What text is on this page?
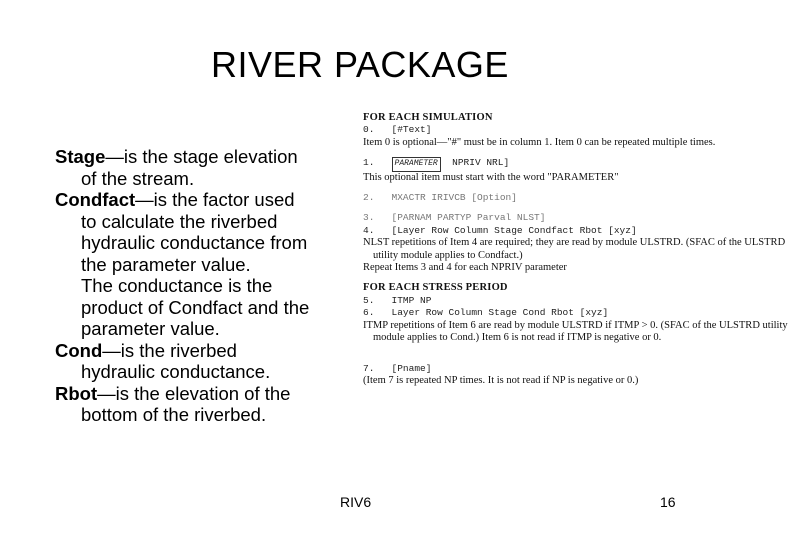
RIVER PACKAGE

Stage—is the stage elevation

of the stream.

Condfact—is the factor used

to calculate the riverbed

hydraulic conductance from

the parameter value.

The conductance is the

product of Condfact and the

parameter value.

Cond—is the riverbed

hydraulic conductance.

Rbot—is the elevation of the

bottom of the riverbed.

FOR EACH SIMULATION
0. [#Text]
Item 0 is optional—"#" must be in column 1. Item 0 can be repeated multiple times.
1.	PARAMETER NPRIV NRL]
This optional item must start with the word "PARAMETER"
2. MXACTR IRIVCB [Option]
3. [PARNAM PARTYP Parval NLST]
4. [Layer Row Column Stage Condfact Rbot [xyz]
NLST repetitions of Item 4 are required; they are read by module ULSTRD. (SFAC of the ULSTRD
utility module applies to Condfact.)
Repeat Items 3 and 4 for each NPRIV parameter
FOR EACH STRESS PERIOD
5. ITMP NP
6. Layer Row Column Stage Cond Rbot [xyz]
ITMP repetitions of Item 6 are read by module ULSTRD if ITMP > 0. (SFAC of the ULSTRD utility
module applies to Cond.) Item 6 is not read if ITMP is negative or 0.
7. [Pname]
(Item 7 is repeated NP times. It is not read if NP is negative or 0.)
RIV6	16
